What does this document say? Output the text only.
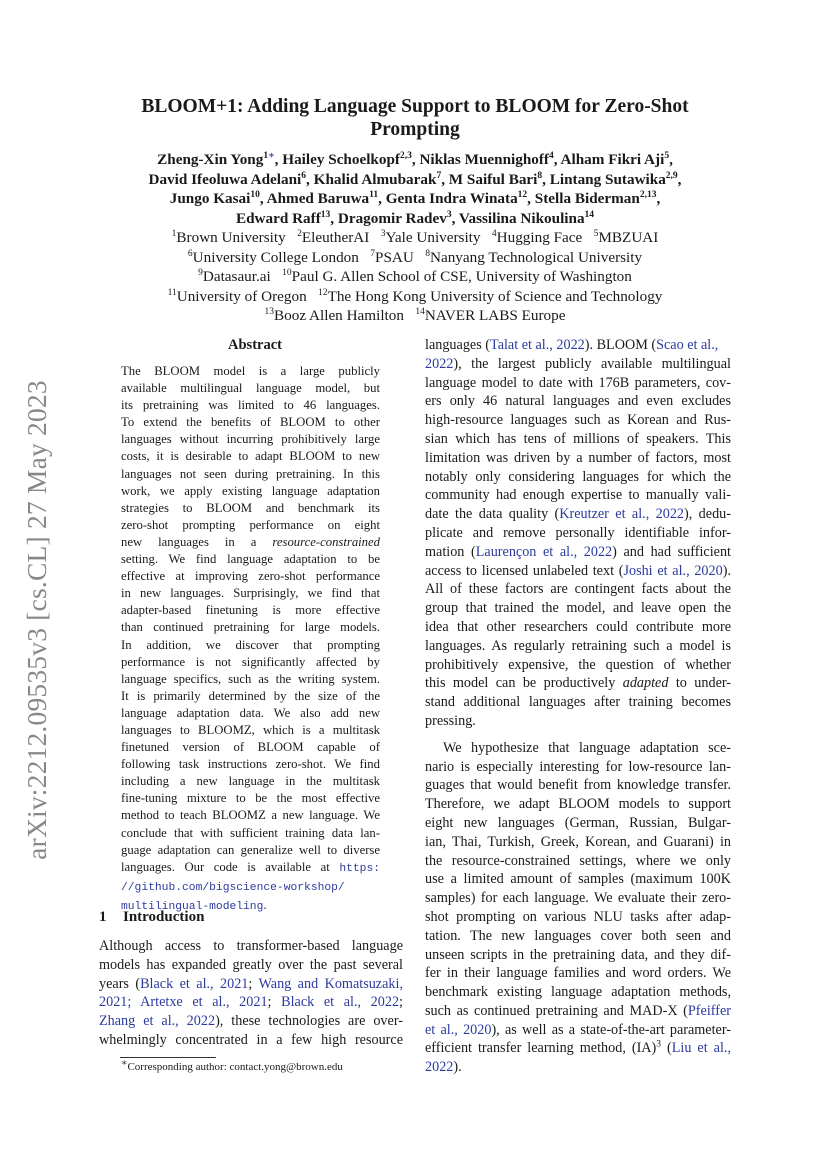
arXiv:2212.09535v3 [cs.CL] 27 May 2023
BLOOM+1: Adding Language Support to BLOOM for Zero-Shot
Prompting
Zheng-Xin Yong$^{1∗}$, Hailey Schoelkopf$^{2,3}$, Niklas Muennighoff$^4$, Alham Fikri Aji$^5$,
David Ifeoluwa Adelani$^6$, Khalid Almubarak$^7$, M Saiful Bari$^8$, Lintang Sutawika$^{2,9}$,
Jungo Kasai$^{10}$, Ahmed Baruwa$^{11}$, Genta Indra Winata$^{12}$, Stella Biderman$^{2,13}$,
Edward Raff$^{13}$, Dragomir Radev$^3$, Vassilina Nikoulina$^{14}$
$^1$Brown University $^2$EleutherAI $^3$Yale University $^4$Hugging Face $^5$MBZUAI
$^6$University College London $^7$PSAU $^8$Nanyang Technological University
$^9$Datasaur.ai $^{10}$Paul G. Allen School of CSE, University of Washington
$^{11}$University of Oregon $^{12}$The Hong Kong University of Science and Technology
$^{13}$Booz Allen Hamilton $^{14}$NAVER LABS Europe
Abstract
The BLOOM model is a large publicly
available multilingual language model, but
its pretraining was limited to 46 languages.
To extend the benefits of BLOOM to other
languages without incurring prohibitively large
costs, it is desirable to adapt BLOOM to new
languages not seen during pretraining. In this
work, we apply existing language adaptation
strategies to BLOOM and benchmark its
zero-shot prompting performance on eight
new languages in a resource-constrained
setting. We find language adaptation to be
effective at improving zero-shot performance
in new languages. Surprisingly, we find that
adapter-based finetuning is more effective
than continued pretraining for large models.
In addition, we discover that prompting
performance is not significantly affected by
language specifics, such as the writing system.
It is primarily determined by the size of the
language adaptation data. We also add new
languages to BLOOMZ, which is a multitask
finetuned version of BLOOM capable of
following task instructions zero-shot. We find
including a new language in the multitask
fine-tuning mixture to be the most effective
method to teach BLOOMZ a new language. We
conclude that with sufficient training data lan-
guage adaptation can generalize well to diverse
languages. Our code is available at https:
//github.com/bigscience-workshop/
multilingual-modeling.
1 Introduction
Although access to transformer-based language
models has expanded greatly over the past several
years (Black et al., 2021; Wang and Komatsuzaki,
2021; Artetxe et al., 2021; Black et al., 2022;
Zhang et al., 2022), these technologies are over-
whelmingly concentrated in a few high resource
languages (Talat et al., 2022). BLOOM (Scao et al.,
2022), the largest publicly available multilingual
language model to date with 176B parameters, cov-
ers only 46 natural languages and even excludes
high-resource languages such as Korean and Rus-
sian which has tens of millions of speakers. This
limitation was driven by a number of factors, most
notably only considering languages for which the
community had enough expertise to manually vali-
date the data quality (Kreutzer et al., 2022), dedu-
plicate and remove personally identifiable infor-
mation (Laurençon et al., 2022) and had sufficient
access to licensed unlabeled text (Joshi et al., 2020).
All of these factors are contingent facts about the
group that trained the model, and leave open the
idea that other researchers could contribute more
languages. As regularly retraining such a model is
prohibitively expensive, the question of whether
this model can be productively adapted to under-
stand additional languages after training becomes
pressing.
We hypothesize that language adaptation sce-
nario is especially interesting for low-resource lan-
guages that would benefit from knowledge transfer.
Therefore, we adapt BLOOM models to support
eight new languages (German, Russian, Bulgar-
ian, Thai, Turkish, Greek, Korean, and Guarani) in
the resource-constrained settings, where we only
use a limited amount of samples (maximum 100K
samples) for each language. We evaluate their zero-
shot prompting on various NLU tasks after adap-
tation. The new languages cover both seen and
unseen scripts in the pretraining data, and they dif-
fer in their language families and word orders. We
benchmark existing language adaptation methods,
such as continued pretraining and MAD-X (Pfeiffer
et al., 2020), as well as a state-of-the-art parameter-
efficient transfer learning method, (IA)$^3$ (Liu et al.,
2022).
∗Corresponding author: contact.yong@brown.edu
